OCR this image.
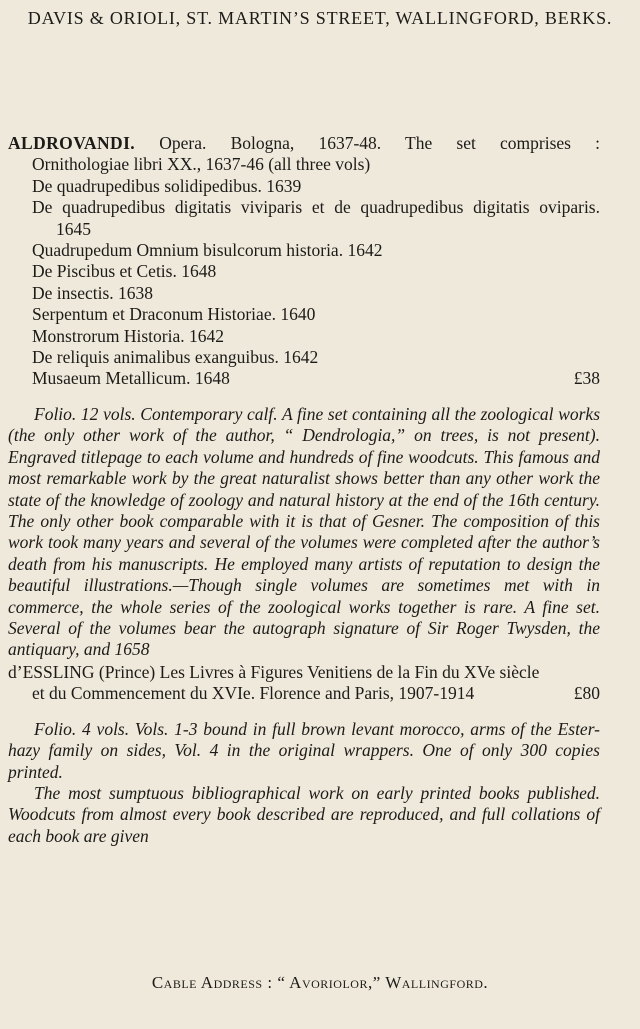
DAVIS & ORIOLI, ST. MARTIN’S STREET, WALLINGFORD, BERKS.
ALDROVANDI. Opera. Bologna, 1637-48. The set comprises :
Ornithologiae libri XX., 1637-46 (all three vols)
De quadrupedibus solidipedibus. 1639
De quadrupedibus digitatis viviparis et de quadrupedibus digitatis oviparis.
1645
Quadrupedum Omnium bisulcorum historia. 1642
De Piscibus et Cetis. 1648
De insectis. 1638
Serpentum et Draconum Historiae. 1640
Monstrorum Historia. 1642
De reliquis animalibus exanguibus. 1642
Musaeum Metallicum. 1648	£38
Folio. 12 vols. Contemporary calf. A fine set containing all the zoological works (the only other work of the author, “ Dendrologia,” on trees, is not present). Engraved titlepage to each volume and hundreds of fine woodcuts. This famous and most remarkable work by the great naturalist shows better than any other work the state of the knowledge of zoology and natural history at the end of the 16th century. The only other book comparable with it is that of Gesner. The composition of this work took many years and several of the volumes were completed after the author’s death from his manuscripts. He employed many artists of reputation to design the beautiful illustrations.—Though single volumes are sometimes met with in commerce, the whole series of the zoological works together is rare. A fine set. Several of the volumes bear the autograph signature of Sir Roger Twysden, the antiquary, and 1658
d’ESSLING (Prince) Les Livres à Figures Venitiens de la Fin du XVe siècle
et du Commencement du XVIe. Florence and Paris, 1907-1914	£80
Folio. 4 vols. Vols. 1-3 bound in full brown levant morocco, arms of the Ester-hazy family on sides, Vol. 4 in the original wrappers. One of only 300 copies printed.
The most sumptuous bibliographical work on early printed books published. Woodcuts from almost every book described are reproduced, and full collations of each book are given
Cable Address : “ Avoriolor,” Wallingford.
